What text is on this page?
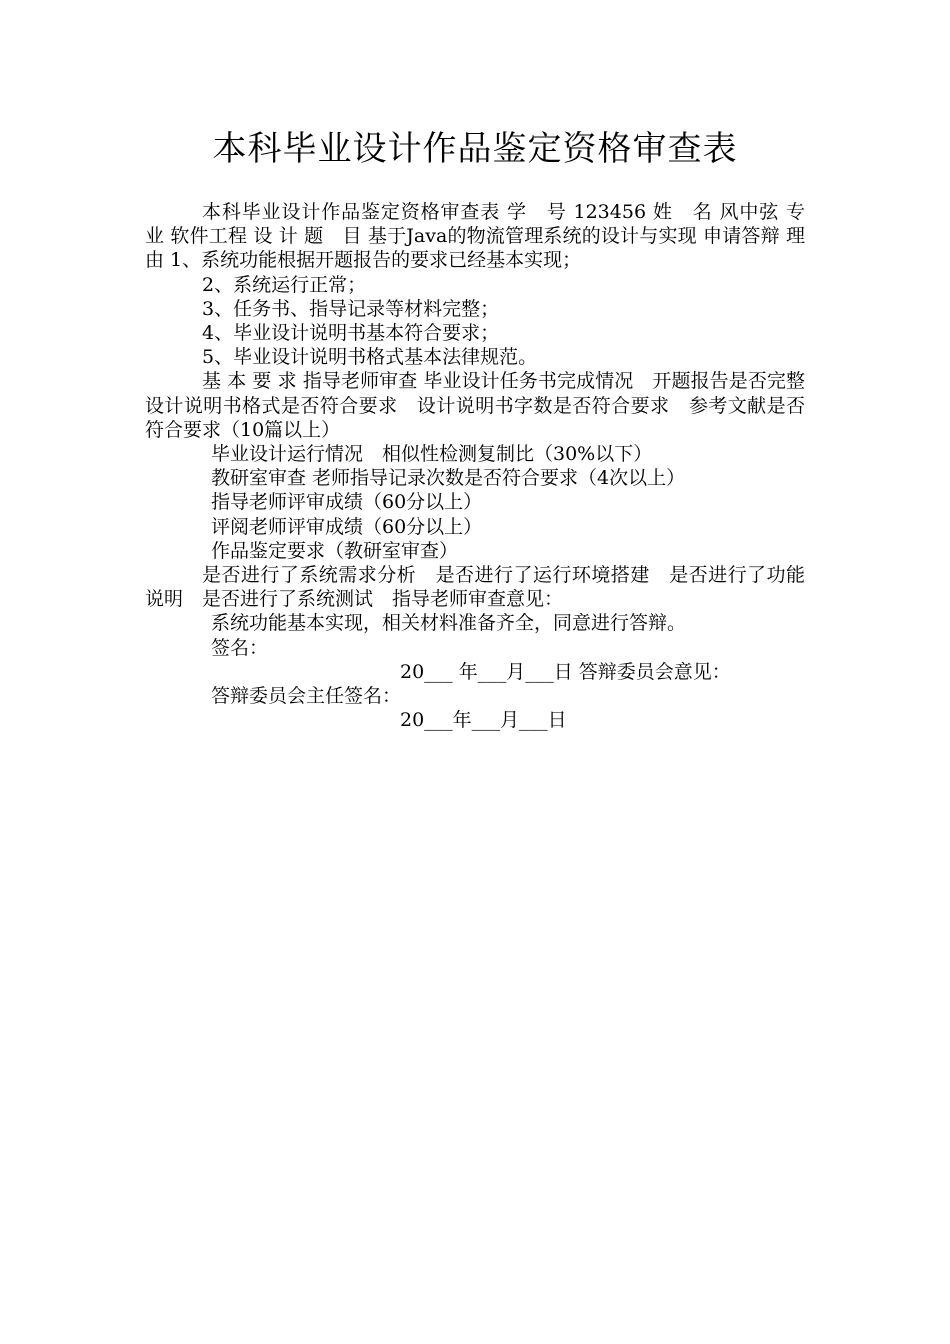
本科毕业设计作品鉴定资格审查表

本科毕业设计作品鉴定资格审查表 学　号 123456 姓　名 风中弦 专　业 软件工程 设 计 题　目 基于Java的物流管理系统的设计与实现 申请答辩 理由 1、系统功能根据开题报告的要求已经基本实现；

2、系统运行正常；

3、任务书、指导记录等材料完整；

4、毕业设计说明书基本符合要求；

5、毕业设计说明书格式基本法律规范。

基 本 要 求 指导老师审查 毕业设计任务书完成情况　开题报告是否完整　设计说明书格式是否符合要求　设计说明书字数是否符合要求　参考文献是否符合要求（10篇以上）

毕业设计运行情况　相似性检测复制比（30%以下）

教研室审查 老师指导记录次数是否符合要求（4次以上）

指导老师评审成绩（60分以上）

评阅老师评审成绩（60分以上）

作品鉴定要求（教研室审查）

是否进行了系统需求分析　是否进行了运行环境搭建　是否进行了功能说明　是否进行了系统测试　指导老师审查意见：

系统功能基本实现，相关材料准备齐全，同意进行答辩。

签名：

20___ 年___月___日 答辩委员会意见：

答辩委员会主任签名：

20___年___月___日
